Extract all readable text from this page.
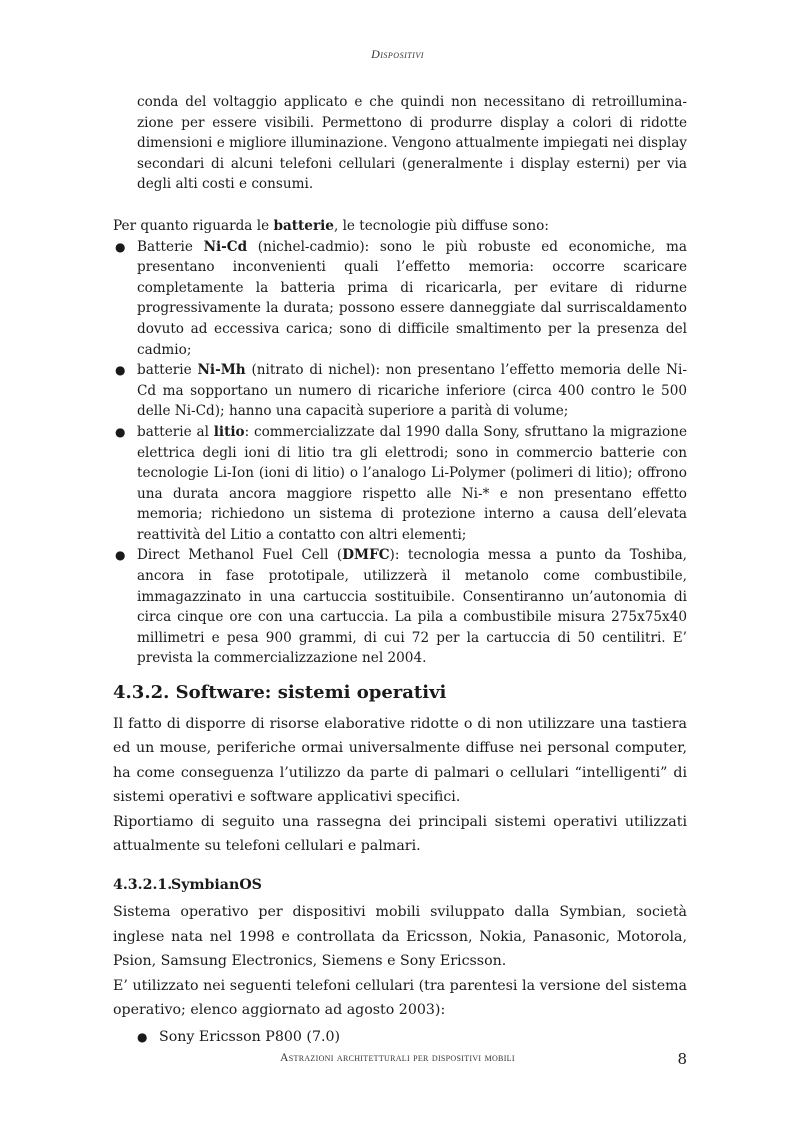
Dispositivi

conda del voltaggio applicato e che quindi non necessitano di retroillumina-zione per essere visibili. Permettono di produrre display a colori di ridotte dimensioni e migliore illuminazione. Vengono attualmente impiegati nei display secondari di alcuni telefoni cellulari (generalmente i display esterni) per via degli alti costi e consumi.

Per quanto riguarda le batterie, le tecnologie più diffuse sono:

● Batterie Ni-Cd (nichel-cadmio): sono le più robuste ed economiche, ma presentano inconvenienti quali l’effetto memoria: occorre scaricare completamente la batteria prima di ricaricarla, per evitare di ridurne progressivamente la durata; possono essere danneggiate dal surriscaldamento dovuto ad eccessiva carica; sono di difficile smaltimento per la presenza del cadmio;
● batterie Ni-Mh (nitrato di nichel): non presentano l’effetto memoria delle Ni-Cd ma sopportano un numero di ricariche inferiore (circa 400 contro le 500 delle Ni-Cd); hanno una capacità superiore a parità di volume;
● batterie al litio: commercializzate dal 1990 dalla Sony, sfruttano la migrazione elettrica degli ioni di litio tra gli elettrodi; sono in commercio batterie con tecnologie Li-Ion (ioni di litio) o l’analogo Li-Polymer (polimeri di litio); offrono una durata ancora maggiore rispetto alle Ni-* e non presentano effetto memoria; richiedono un sistema di protezione interno a causa dell’elevata reattività del Litio a contatto con altri elementi;
● Direct Methanol Fuel Cell (DMFC): tecnologia messa a punto da Toshiba, ancora in fase prototipale, utilizzerà il metanolo come combustibile, immagazzinato in una cartuccia sostituibile. Consentiranno un’autonomia di circa cinque ore con una cartuccia. La pila a combustibile misura 275x75x40 millimetri e pesa 900 grammi, di cui 72 per la cartuccia di 50 centilitri. E’ prevista la commercializzazione nel 2004.
4.3.2. Software: sistemi operativi

Il fatto di disporre di risorse elaborative ridotte o di non utilizzare una tastiera ed un mouse, periferiche ormai universalmente diffuse nei personal computer, ha come conseguenza l’utilizzo da parte di palmari o cellulari “intelligenti” di sistemi operativi e software applicativi specifici.

Riportiamo di seguito una rassegna dei principali sistemi operativi utilizzati attualmente su telefoni cellulari e palmari.

4.3.2.1.SymbianOS

Sistema operativo per dispositivi mobili sviluppato dalla Symbian, società inglese nata nel 1998 e controllata da Ericsson, Nokia, Panasonic, Motorola, Psion, Samsung Electronics, Siemens e Sony Ericsson.

E’ utilizzato nei seguenti telefoni cellulari (tra parentesi la versione del sistema operativo; elenco aggiornato ad agosto 2003):

● Sony Ericsson P800 (7.0)
Astrazioni architetturali per dispositivi mobili	8
